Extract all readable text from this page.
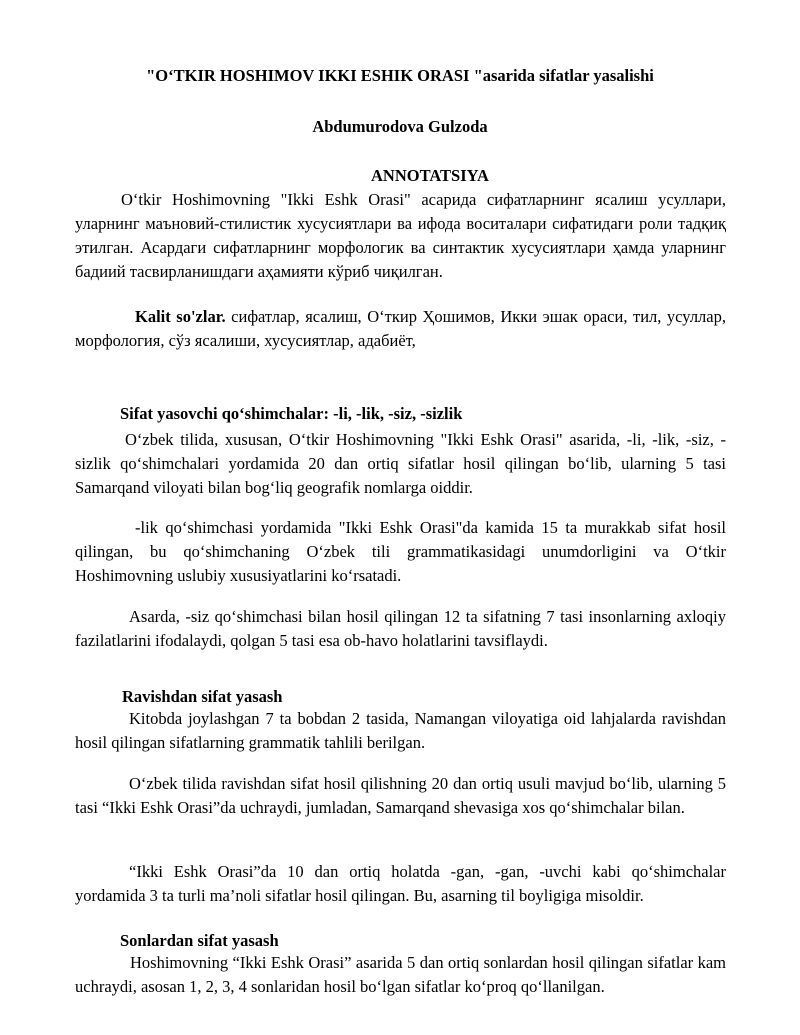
"O‘TKIR HOSHIMOV IKKI ESHIK ORASI "asarida sifatlar yasalishi
Abdumurodova Gulzoda
ANNOTATSIYA

O‘tkir Hoshimovning "Ikki Eshk Orasi" асарида сифатларнинг ясалиш усуллари, уларнинг маъновий-стилистик хусусиятлари ва ифода воситалари сифатидаги роли тадқиқ этилган. Асардаги сифатларнинг морфологик ва синтактик хусусиятлари ҳамда уларнинг бадиий тасвирланишдаги аҳамияти кўриб чиқилган.

Kalit so'zlar. сифатлар, ясалиш, О‘ткир Ҳошимов, Икки эшак ораси, тил, усуллар, морфология, сўз ясалиши, хусусиятлар, адабиёт,

Sifat yasovchi qo‘shimchalar: -li, -lik, -siz, -sizlik

O‘zbek tilida, xususan, O‘tkir Hoshimovning "Ikki Eshk Orasi" asarida, -li, -lik, -siz, -sizlik qo‘shimchalari yordamida 20 dan ortiq sifatlar hosil qilingan bo‘lib, ularning 5 tasi Samarqand viloyati bilan bog‘liq geografik nomlarga oiddir.

-lik qo‘shimchasi yordamida "Ikki Eshk Orasi"da kamida 15 ta murakkab sifat hosil qilingan, bu qo‘shimchaning O‘zbek tili grammatikasidagi unumdorligini va O‘tkir Hoshimovning uslubiy xususiyatlarini ko‘rsatadi.

Asarda, -siz qo‘shimchasi bilan hosil qilingan 12 ta sifatning 7 tasi insonlarning axloqiy fazilatlarini ifodalaydi, qolgan 5 tasi esa ob-havo holatlarini tavsiflaydi.

Ravishdan sifat yasash

Kitobda joylashgan 7 ta bobdan 2 tasida, Namangan viloyatiga oid lahjalarda ravishdan hosil qilingan sifatlarning grammatik tahlili berilgan.

O‘zbek tilida ravishdan sifat hosil qilishning 20 dan ortiq usuli mavjud bo‘lib, ularning 5 tasi “Ikki Eshk Orasi”da uchraydi, jumladan, Samarqand shevasiga xos qo‘shimchalar bilan.

“Ikki Eshk Orasi”da 10 dan ortiq holatda -gan, -gan, -uvchi kabi qo‘shimchalar yordamida 3 ta turli ma’noli sifatlar hosil qilingan. Bu, asarning til boyligiga misoldir.

Sonlardan sifat yasash

Hoshimovning “Ikki Eshk Orasi” asarida 5 dan ortiq sonlardan hosil qilingan sifatlar kam uchraydi, asosan 1, 2, 3, 4 sonlaridan hosil bo‘lgan sifatlar ko‘proq qo‘llanilgan.
